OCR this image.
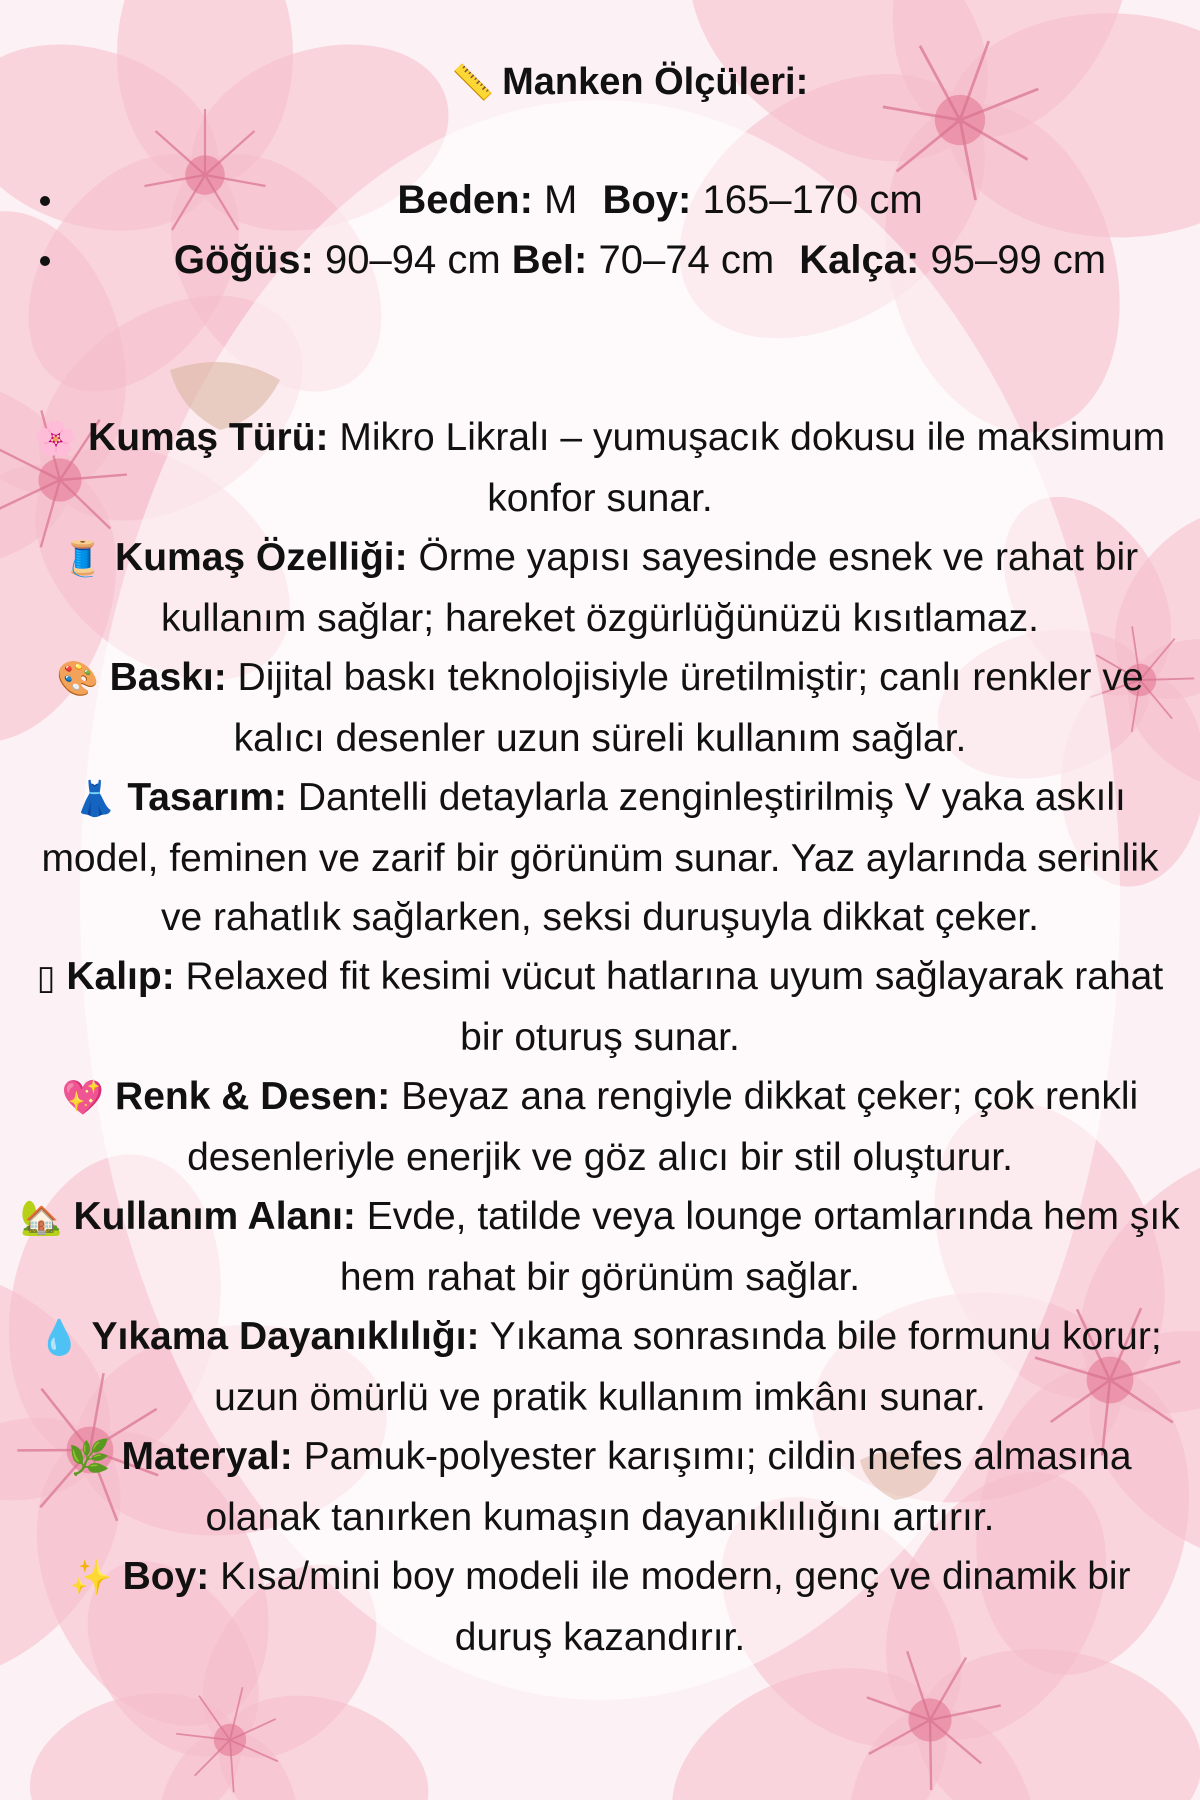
📏 Manken Ölçüleri:
Beden: M Boy: 165–170 cm
Göğüs: 90–94 cm Bel: 70–74 cm Kalça: 95–99 cm

🌸 Kumaş Türü: Mikro Likralı – yumuşacık dokusu ile maksimum konfor sunar.

🧵 Kumaş Özelliği: Örme yapısı sayesinde esnek ve rahat bir kullanım sağlar; hareket özgürlüğünüzü kısıtlamaz.

🎨 Baskı: Dijital baskı teknolojisiyle üretilmiştir; canlı renkler ve kalıcı desenler uzun süreli kullanım sağlar.

👗 Tasarım: Dantelli detaylarla zenginleştirilmiş V yaka askılı model, feminen ve zarif bir görünüm sunar. Yaz aylarında serinlik ve rahatlık sağlarken, seksi duruşuyla dikkat çeker.

▯ Kalıp: Relaxed fit kesimi vücut hatlarına uyum sağlayarak rahat bir oturuş sunar.

💖 Renk & Desen: Beyaz ana rengiyle dikkat çeker; çok renkli desenleriyle enerjik ve göz alıcı bir stil oluşturur.

🏡 Kullanım Alanı: Evde, tatilde veya lounge ortamlarında hem şık hem rahat bir görünüm sağlar.

💧 Yıkama Dayanıklılığı: Yıkama sonrasında bile formunu korur; uzun ömürlü ve pratik kullanım imkânı sunar.

🌿 Materyal: Pamuk-polyester karışımı; cildin nefes almasına olanak tanırken kumaşın dayanıklılığını artırır.

✨ Boy: Kısa/mini boy modeli ile modern, genç ve dinamik bir duruş kazandırır.
